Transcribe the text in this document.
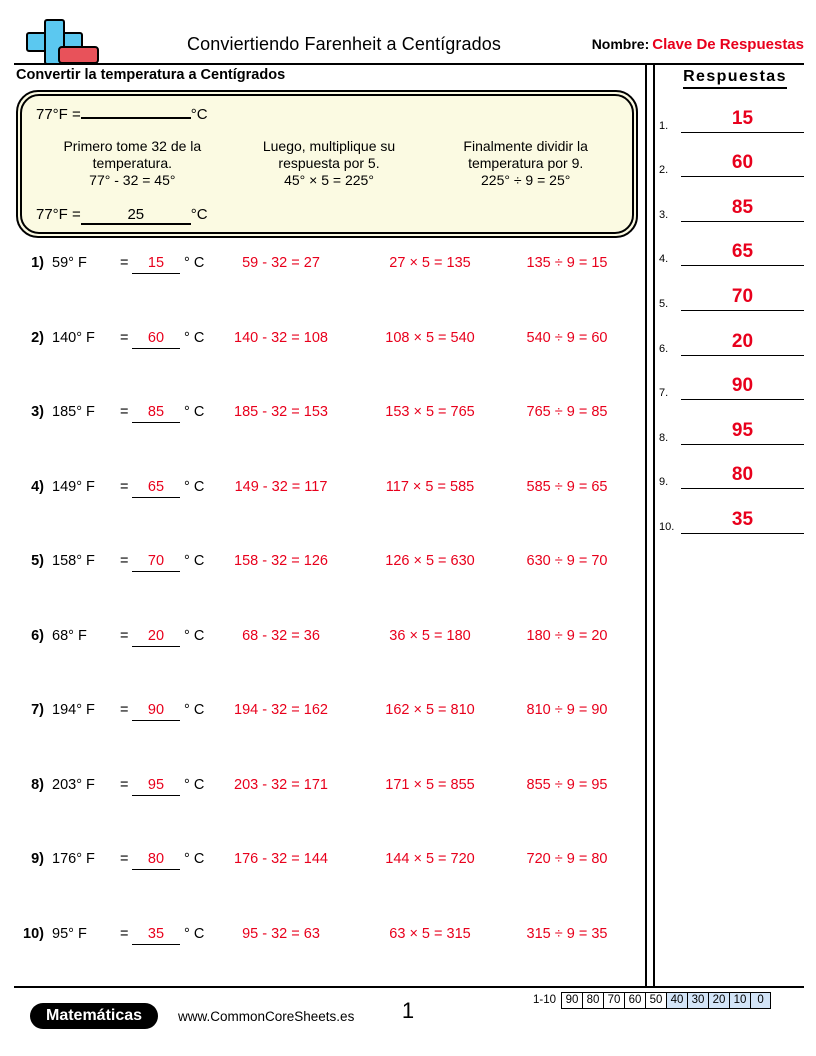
Conviertiendo Farenheit a Centígrados	Nombre: Clave De Respuestas
Convertir la temperatura a Centígrados
77°F =	°C
Primero tome 32 de la
temperatura.
77° - 32 = 45°
Luego, multiplique su
respuesta por 5.
45° × 5 = 225°
Finalmente dividir la
temperatura por 9.
225° ÷ 9 = 25°
77°F =	25	°C
1) 59° F	=	15	° C	59 - 32 = 27	27 × 5 = 135	135 ÷ 9 = 15
2) 140° F =	60	° C	140 - 32 = 108	108 × 5 = 540	540 ÷ 9 = 60
3) 185° F =	85	° C	185 - 32 = 153	153 × 5 = 765	765 ÷ 9 = 85
4) 149° F =	65	° C	149 - 32 = 117	117 × 5 = 585	585 ÷ 9 = 65
5) 158° F =	70	° C	158 - 32 = 126	126 × 5 = 630	630 ÷ 9 = 70
6) 68° F	=	20	° C	68 - 32 = 36	36 × 5 = 180	180 ÷ 9 = 20
7) 194° F =	90	° C	194 - 32 = 162	162 × 5 = 810	810 ÷ 9 = 90
8) 203° F =	95	° C	203 - 32 = 171	171 × 5 = 855	855 ÷ 9 = 95
9) 176° F =	80	° C	176 - 32 = 144	144 × 5 = 720	720 ÷ 9 = 80
10) 95° F	=	35	° C	95 - 32 = 63	63 × 5 = 315	315 ÷ 9 = 35
Respuestas
1.	15
2.	60
3.	85
4.	65
5.	70
6.	20
7.	90
8.	95
9.	80
10.	35
Matemáticas	www.CommonCoreSheets.es	1	1-10 90 80 70 60 50 40 30 20 10 0
